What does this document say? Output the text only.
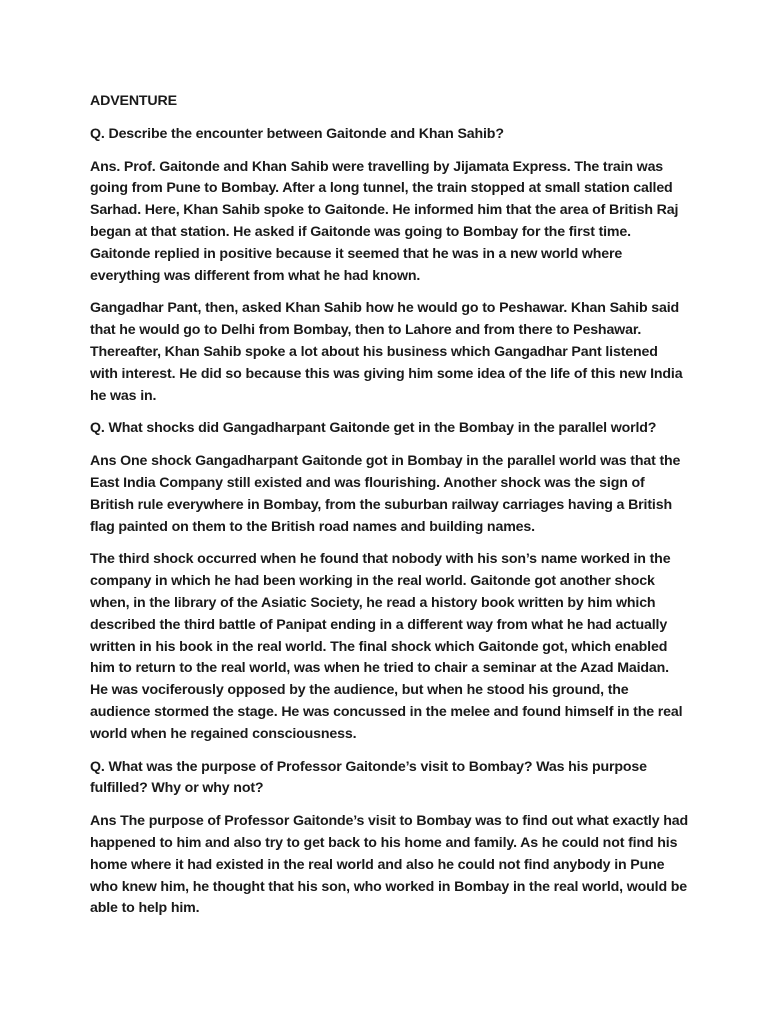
ADVENTURE

Q. Describe the encounter between Gaitonde and Khan Sahib?

Ans. Prof. Gaitonde and Khan Sahib were travelling by Jijamata Express. The train was going from Pune to Bombay. After a long tunnel, the train stopped at small station called Sarhad. Here, Khan Sahib spoke to Gaitonde. He informed him that the area of British Raj began at that station. He asked if Gaitonde was going to Bombay for the first time. Gaitonde replied in positive because it seemed that he was in a new world where everything was different from what he had known.

Gangadhar Pant, then, asked Khan Sahib how he would go to Peshawar. Khan Sahib said that he would go to Delhi from Bombay, then to Lahore and from there to Peshawar. Thereafter, Khan Sahib spoke a lot about his business which Gangadhar Pant listened with interest. He did so because this was giving him some idea of the life of this new India he was in.

Q. What shocks did Gangadharpant Gaitonde get in the Bombay in the parallel world?

Ans One shock Gangadharpant Gaitonde got in Bombay in the parallel world was that the East India Company still existed and was flourishing. Another shock was the sign of British rule everywhere in Bombay, from the suburban railway carriages having a British flag painted on them to the British road names and building names.

The third shock occurred when he found that nobody with his son’s name worked in the company in which he had been working in the real world. Gaitonde got another shock when, in the library of the Asiatic Society, he read a history book written by him which described the third battle of Panipat ending in a different way from what he had actually written in his book in the real world. The final shock which Gaitonde got, which enabled him to return to the real world, was when he tried to chair a seminar at the Azad Maidan. He was vociferously opposed by the audience, but when he stood his ground, the audience stormed the stage. He was concussed in the melee and found himself in the real world when he regained consciousness.

Q. What was the purpose of Professor Gaitonde’s visit to Bombay? Was his purpose fulfilled? Why or why not?

Ans The purpose of Professor Gaitonde’s visit to Bombay was to find out what exactly had happened to him and also try to get back to his home and family. As he could not find his home where it had existed in the real world and also he could not find anybody in Pune who knew him, he thought that his son, who worked in Bombay in the real world, would be able to help him.
